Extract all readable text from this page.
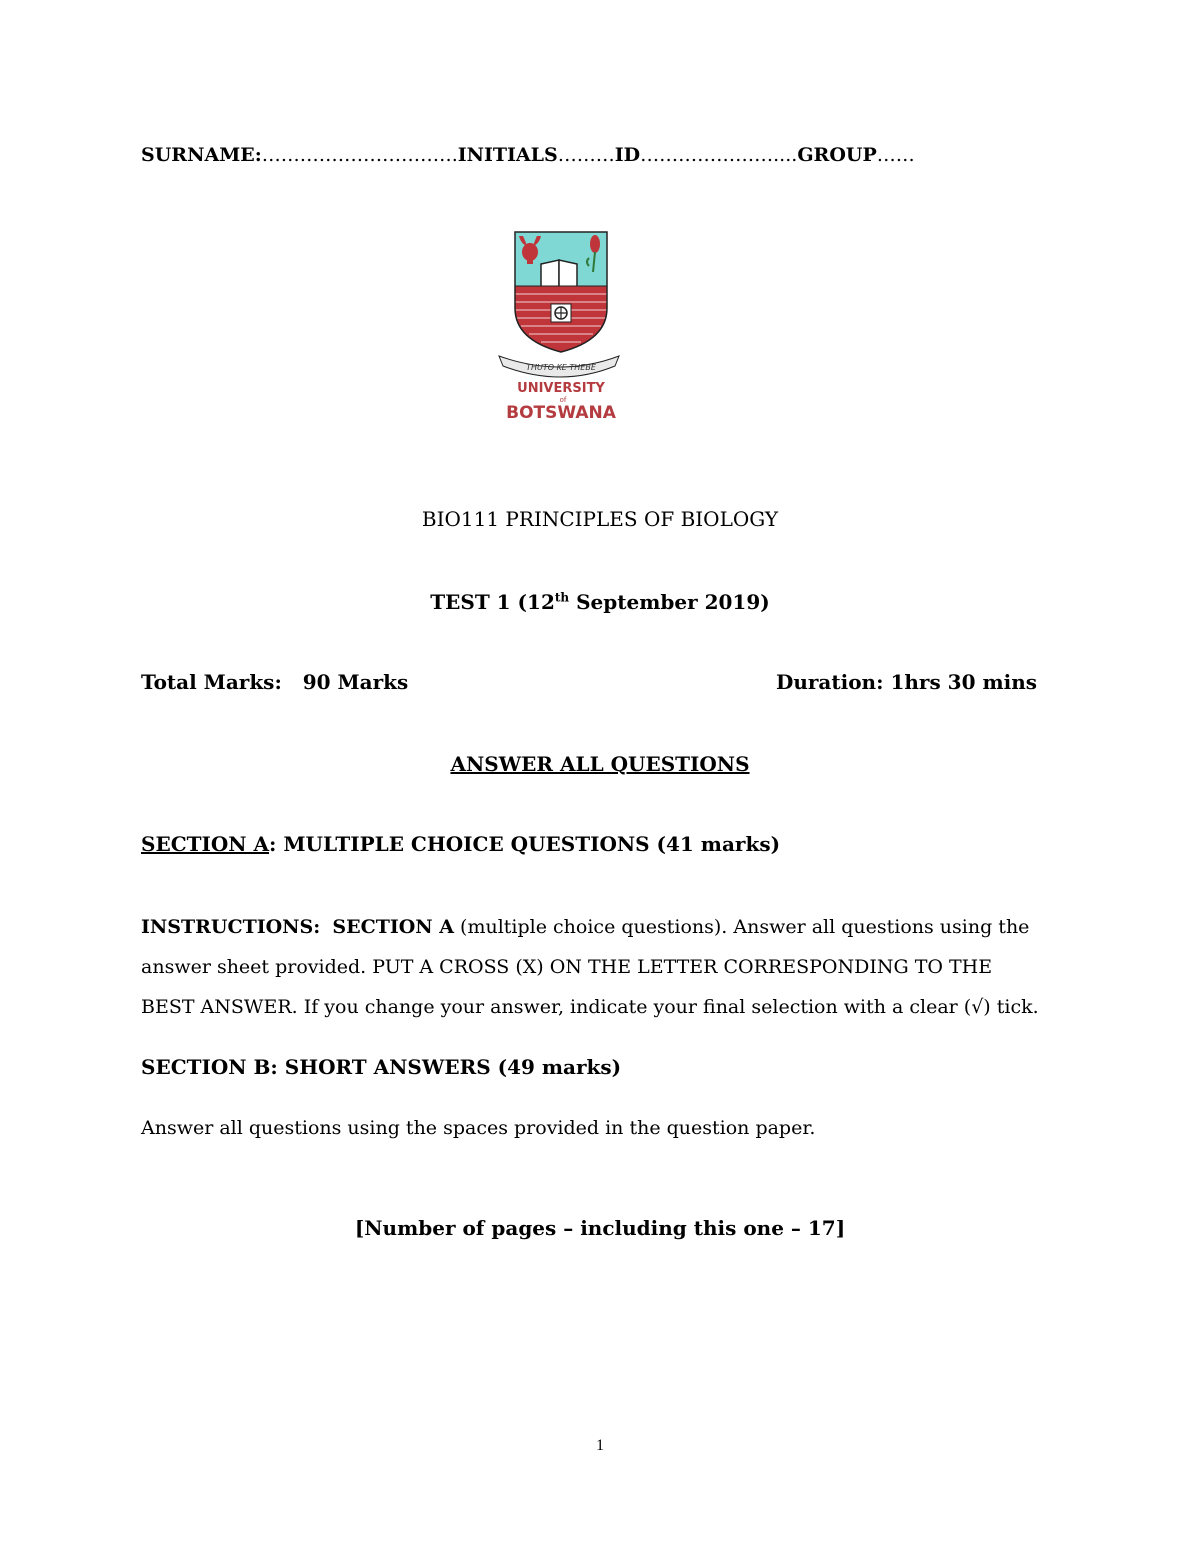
SURNAME:………………………….INITIALS………ID…………………....GROUP……
THUTO KE THEBE
UNIVERSITY
of
BOTSWANA
BIO111 PRINCIPLES OF BIOLOGY
TEST 1 (12th September 2019)
Total Marks: 90 Marks	Duration: 1hrs 30 mins
ANSWER ALL QUESTIONS
SECTION A: MULTIPLE CHOICE QUESTIONS (41 marks)
INSTRUCTIONS: SECTION A (multiple choice questions). Answer all questions using the answer sheet provided. PUT A CROSS (X) ON THE LETTER CORRESPONDING TO THE BEST ANSWER. If you change your answer, indicate your final selection with a clear (√) tick.
SECTION B: SHORT ANSWERS (49 marks)
Answer all questions using the spaces provided in the question paper.
[Number of pages – including this one – 17]
1
